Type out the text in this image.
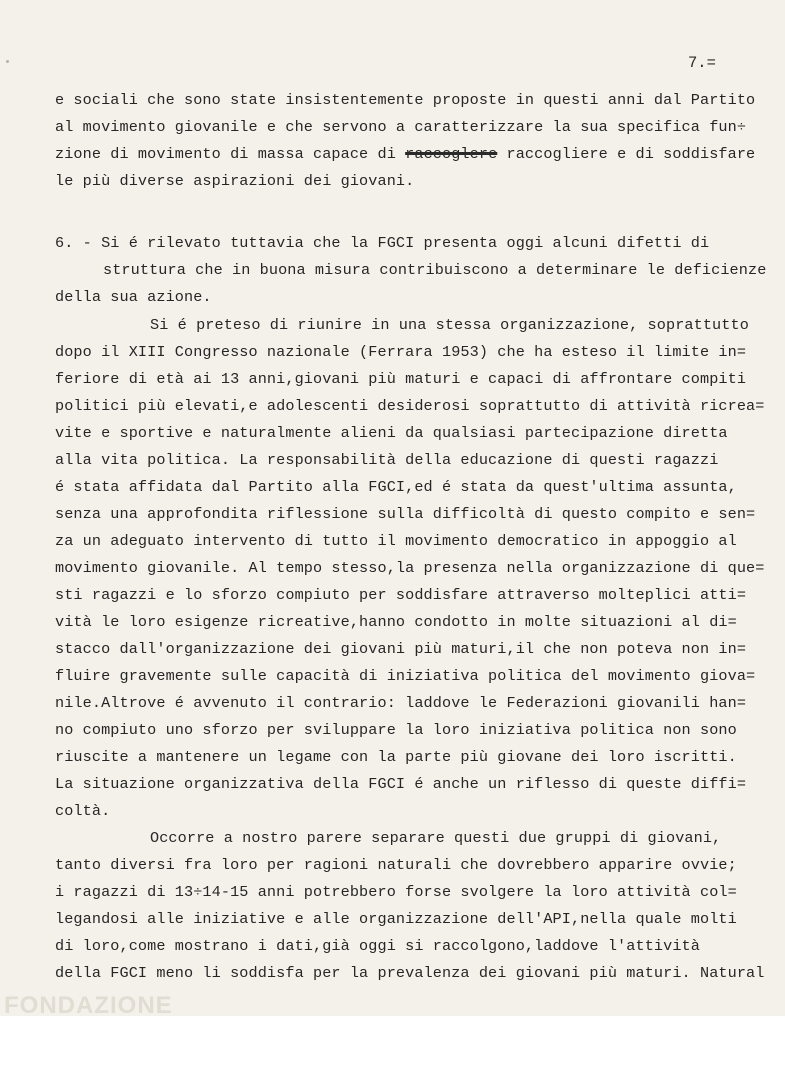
7.=
e sociali che sono state insistentemente proposte in questi anni dal Partito
al movimento giovanile e che servono a caratterizzare la sua specifica fun÷
zione di movimento di massa capace di raccoglere raccogliere e di soddisfare
le più diverse aspirazioni dei giovani.
6. - Si é rilevato tuttavia che la FGCI presenta oggi alcuni difetti di
struttura che in buona misura contribuiscono a determinare le deficienze
della sua azione.
Si é preteso di riunire in una stessa organizzazione, soprattutto
dopo il XIII Congresso nazionale (Ferrara 1953) che ha esteso il limite in=
feriore di età ai 13 anni,giovani più maturi e capaci di affrontare compiti
politici più elevati,e adolescenti desiderosi soprattutto di attività ricrea=
vite e sportive e naturalmente alieni da qualsiasi partecipazione diretta
alla vita politica. La responsabilità della educazione di questi ragazzi
é stata affidata dal Partito alla FGCI,ed é stata da quest'ultima assunta,
senza una approfondita riflessione sulla difficoltà di questo compito e sen=
za un adeguato intervento di tutto il movimento democratico in appoggio al
movimento giovanile. Al tempo stesso,la presenza nella organizzazione di que=
sti ragazzi e lo sforzo compiuto per soddisfare attraverso molteplici atti=
vità le loro esigenze ricreative,hanno condotto in molte situazioni al di=
stacco dall'organizzazione dei giovani più maturi,il che non poteva non in=
fluire gravemente sulle capacità di iniziativa politica del movimento giova=
nile.Altrove é avvenuto il contrario: laddove le Federazioni giovanili han=
no compiuto uno sforzo per sviluppare la loro iniziativa politica non sono
riuscite a mantenere un legame con la parte più giovane dei loro iscritti.
La situazione organizzativa della FGCI é anche un riflesso di queste diffi=
coltà.
Occorre a nostro parere separare questi due gruppi di giovani,
tanto diversi fra loro per ragioni naturali che dovrebbero apparire ovvie;
i ragazzi di 13÷14-15 anni potrebbero forse svolgere la loro attività col=
legandosi alle iniziative e alle organizzazione dell'API,nella quale molti
di loro,come mostrano i dati,già oggi si raccolgono,laddove l'attività
della FGCI meno li soddisfa per la prevalenza dei giovani più maturi. Natural
FONDAZIONE
